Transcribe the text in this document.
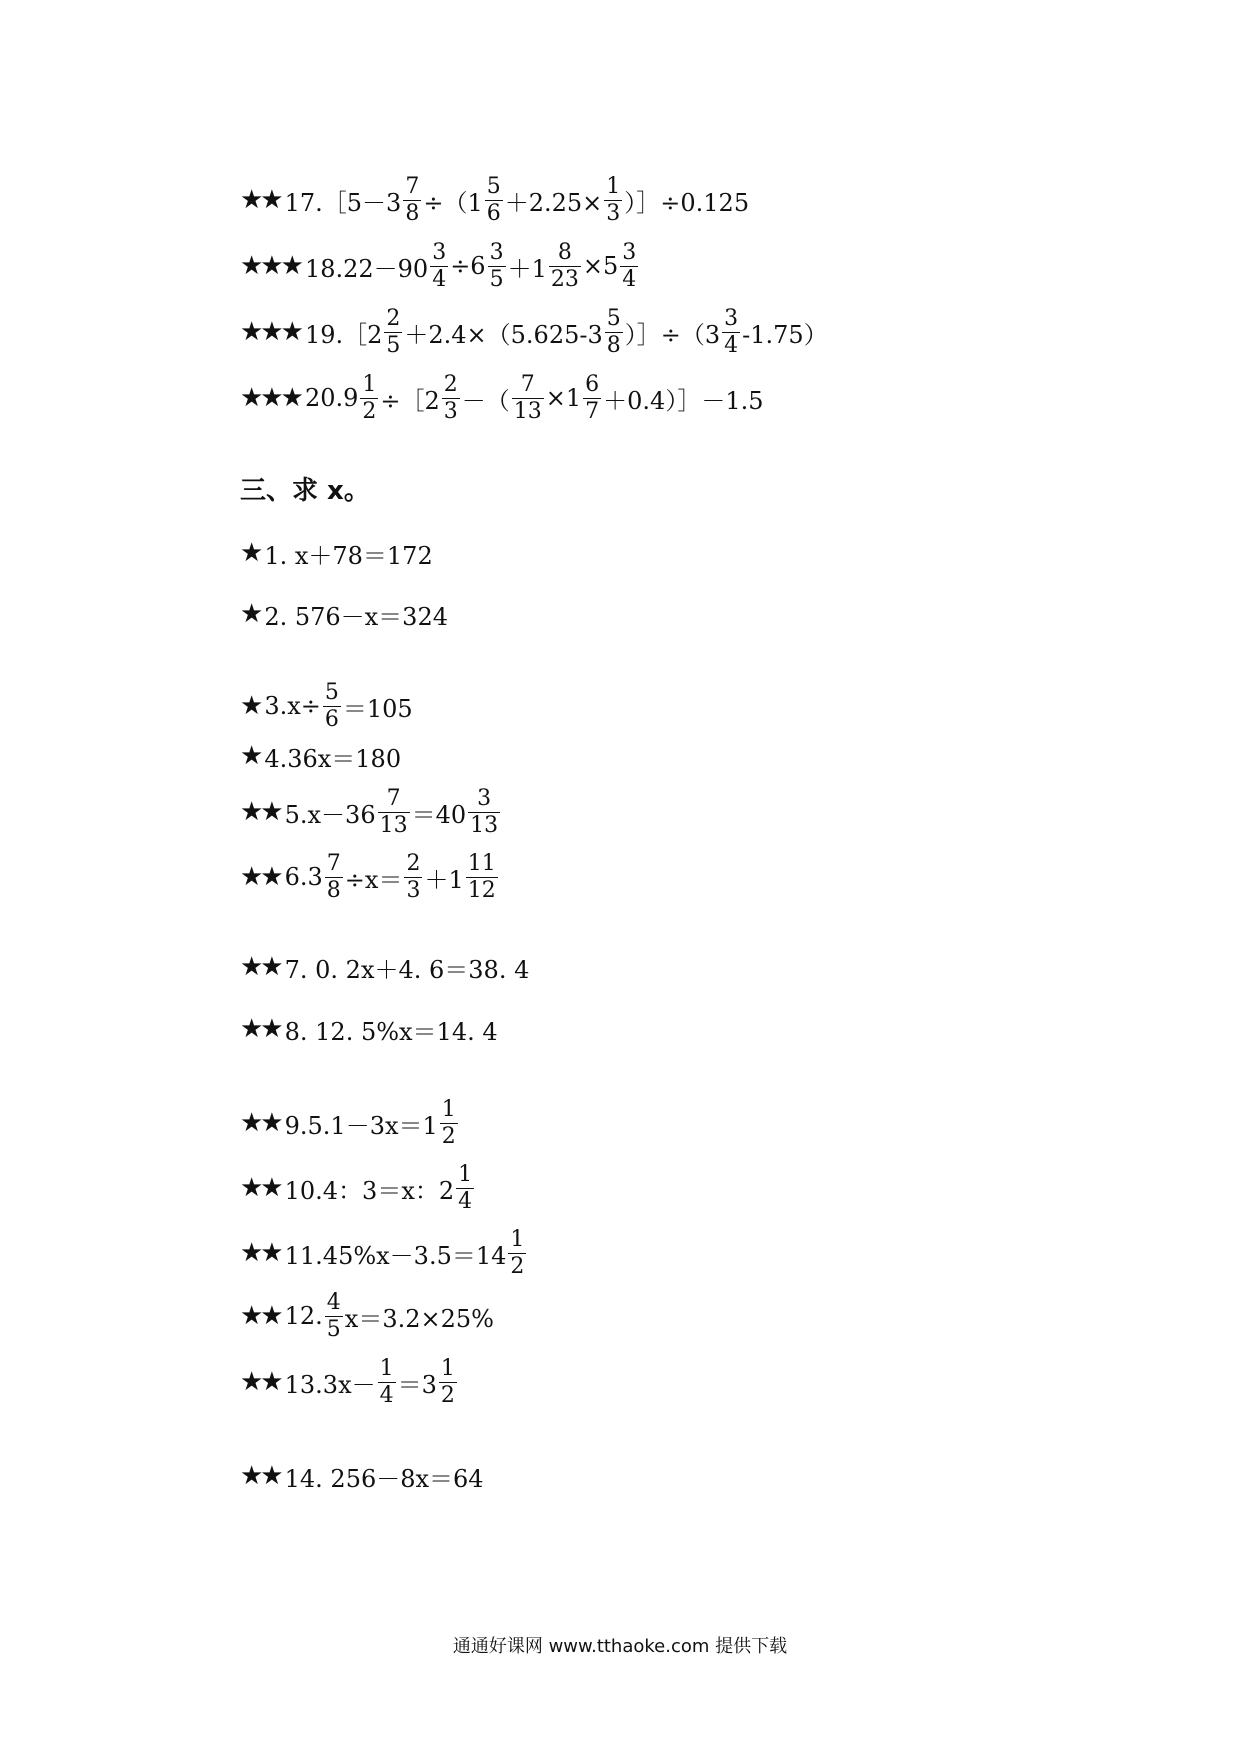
★★ 17.［5－3 $\frac{7}{8} \div(1 \frac{5}{6} +2.25\times \frac{1}{3}$ ）］÷0.125
★★★ $18.22-90 \frac{3}{4} \div 6 \frac{3}{5} +1 \frac{8}{23} \times 5 \frac{3}{4}$
★★★ 19.［2 $\frac{2}{5} +2.4\times(5.625-3 \frac{5}{8}$ ）］÷（3 $\frac{3}{4} -1.75$）
★★★ $20.9 \frac{1}{2}$ ÷［2 $\frac{2}{3}$ －（ $\frac{7}{13} \times 1 \frac{6}{7}$ ＋0.4）］－1.5
三、求 x。
★ 1. x＋78＝172
★ 2. 576－x＝324
★ $3.x\div \frac{5}{6} =105$
★ 4.36x＝180
★★ $5.x-36 \frac{7}{13} =40 \frac{3}{13}$
★★ $6.3 \frac{7}{8} \div x= \frac{2}{3} +1 \frac{11}{12}$
★★ 7. 0. 2x＋4. 6＝38. 4
★★ 8. 12. 5%x＝14. 4
★★ $9.5.1-3x=1 \frac{1}{2}$
★★ 10.4：3＝x：$2 \frac{1}{4}$
★★ $11.45\%x-3.5=14 \frac{1}{2}$
★★ 12. $\frac{4}{5} x=3.2\times 25\%$
★★ $13.3x- \frac{1}{4} =3 \frac{1}{2}$
★★ 14. 256－8x＝64
通通好课网 www.tthaoke.com 提供下载
